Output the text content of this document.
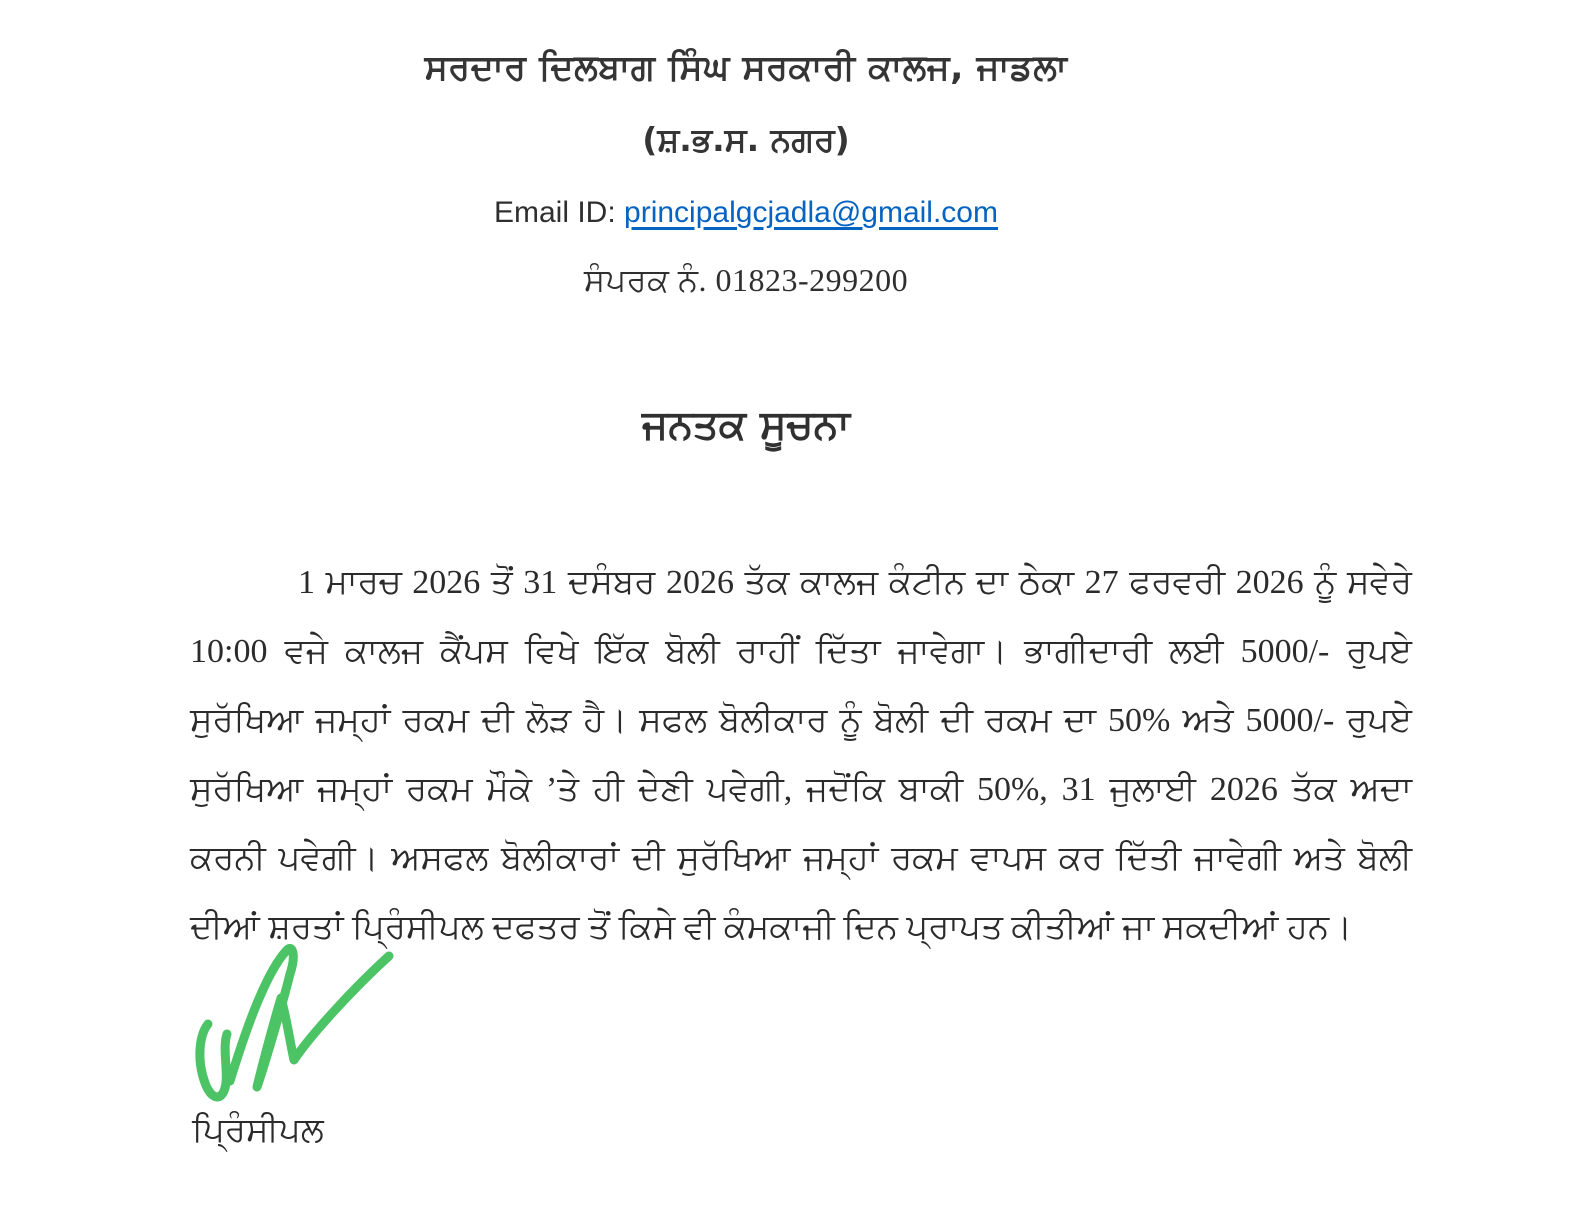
ਸਰਦਾਰ ਦਿਲਬਾਗ ਸਿੰਘ ਸਰਕਾਰੀ ਕਾਲਜ, ਜਾਡਲਾ
(ਸ਼.ਭ.ਸ. ਨਗਰ)
Email ID: principalgcjadla@gmail.com
ਸੰਪਰਕ ਨੰ. 01823-299200
ਜਨਤਕ ਸੂਚਨਾ

1 ਮਾਰਚ 2026 ਤੋਂ 31 ਦਸੰਬਰ 2026 ਤੱਕ ਕਾਲਜ ਕੰਟੀਨ ਦਾ ਠੇਕਾ 27 ਫਰਵਰੀ 2026 ਨੂੰ ਸਵੇਰੇ 10:00 ਵਜੇ ਕਾਲਜ ਕੈਂਪਸ ਵਿਖੇ ਇੱਕ ਬੋਲੀ ਰਾਹੀਂ ਦਿੱਤਾ ਜਾਵੇਗਾ। ਭਾਗੀਦਾਰੀ ਲਈ 5000/- ਰੁਪਏ ਸੁਰੱਖਿਆ ਜਮ੍ਹਾਂ ਰਕਮ ਦੀ ਲੋੜ ਹੈ। ਸਫਲ ਬੋਲੀਕਾਰ ਨੂੰ ਬੋਲੀ ਦੀ ਰਕਮ ਦਾ 50% ਅਤੇ 5000/- ਰੁਪਏ ਸੁਰੱਖਿਆ ਜਮ੍ਹਾਂ ਰਕਮ ਮੌਕੇ ’ਤੇ ਹੀ ਦੇਣੀ ਪਵੇਗੀ, ਜਦੋਂਕਿ ਬਾਕੀ 50%, 31 ਜੁਲਾਈ 2026 ਤੱਕ ਅਦਾ ਕਰਨੀ ਪਵੇਗੀ। ਅਸਫਲ ਬੋਲੀਕਾਰਾਂ ਦੀ ਸੁਰੱਖਿਆ ਜਮ੍ਹਾਂ ਰਕਮ ਵਾਪਸ ਕਰ ਦਿੱਤੀ ਜਾਵੇਗੀ ਅਤੇ ਬੋਲੀ ਦੀਆਂ ਸ਼ਰਤਾਂ ਪ੍ਰਿੰਸੀਪਲ ਦਫਤਰ ਤੋਂ ਕਿਸੇ ਵੀ ਕੰਮਕਾਜੀ ਦਿਨ ਪ੍ਰਾਪਤ ਕੀਤੀਆਂ ਜਾ ਸਕਦੀਆਂ ਹਨ।

ਪ੍ਰਿੰਸੀਪਲ
